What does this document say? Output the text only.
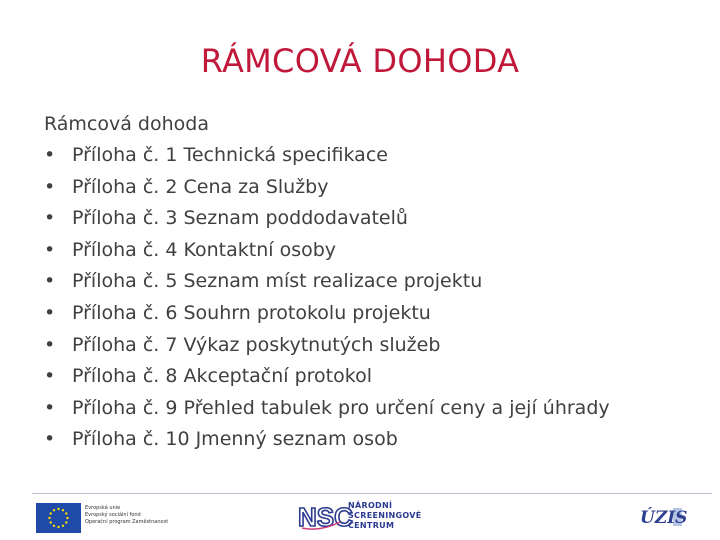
RÁMCOVÁ DOHODA
Rámcová dohoda
• Příloha č. 1 Technická specifikace
• Příloha č. 2 Cena za Služby
• Příloha č. 3 Seznam poddodavatelů
• Příloha č. 4 Kontaktní osoby
• Příloha č. 5 Seznam míst realizace projektu
• Příloha č. 6 Souhrn protokolu projektu
• Příloha č. 7 Výkaz poskytnutých služeb
• Příloha č. 8 Akceptační protokol
• Příloha č. 9 Přehled tabulek pro určení ceny a její úhrady
• Příloha č. 10 Jmenný seznam osob
Evropská unie
Evropský sociální fond
Operační program Zaměstnanost	NSC
NÁRODNÍ
SCREENINGOVÉ
CENTRUM	ÚZIS
